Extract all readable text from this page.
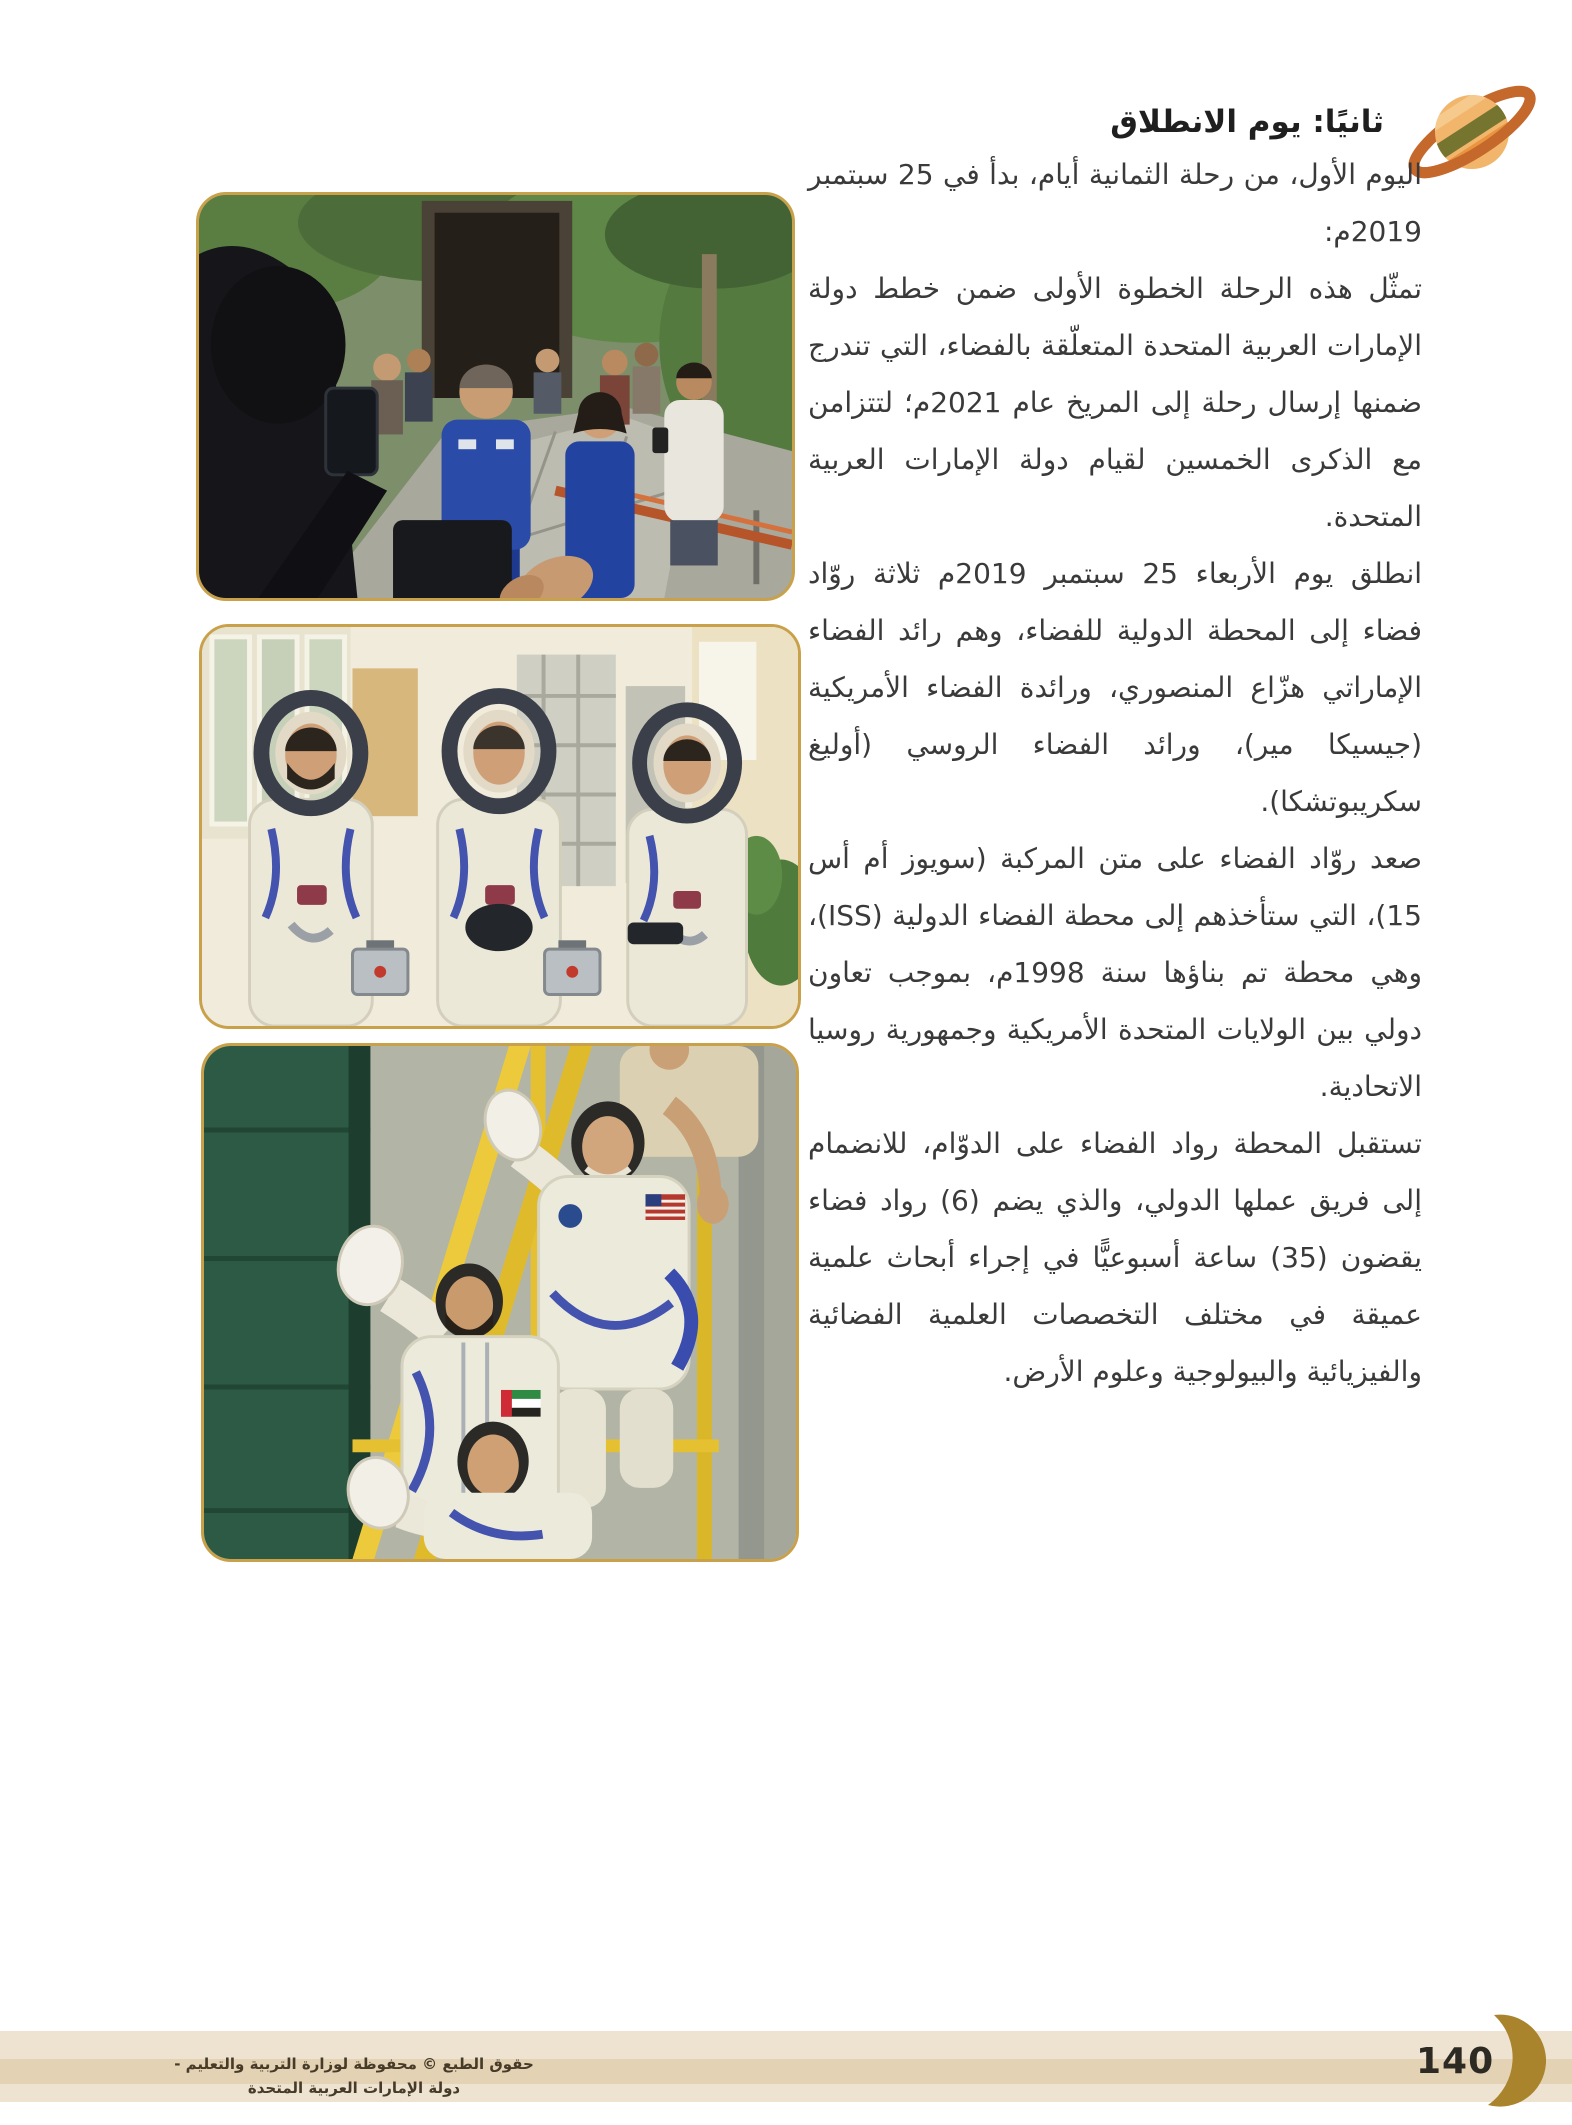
ثانيًا: يوم الانطلاق

اليوم الأول، من رحلة الثمانية أيام، بدأ في 25 سبتمبر 2019م:

تمثّل هذه الرحلة الخطوة الأولى ضمن خطط دولة الإمارات العربية المتحدة المتعلّقة بالفضاء، التي تندرج ضمنها إرسال رحلة إلى المريخ عام 2021م؛ لتتزامن مع الذكرى الخمسين لقيام دولة الإمارات العربية المتحدة.

انطلق يوم الأربعاء 25 سبتمبر 2019م ثلاثة روّاد فضاء إلى المحطة الدولية للفضاء، وهم رائد الفضاء الإماراتي هزّاع المنصوري، ورائدة الفضاء الأمريكية (جيسيكا مير)، ورائد الفضاء الروسي (أوليغ سكريبوتشكا).

صعد روّاد الفضاء على متن المركبة (سويوز أم أس 15)، التي ستأخذهم إلى محطة الفضاء الدولية (ISS)، وهي محطة تم بناؤها سنة 1998م، بموجب تعاون دولي بين الولايات المتحدة الأمريكية وجمهورية روسيا الاتحادية.

تستقبل المحطة رواد الفضاء على الدوّام، للانضمام إلى فريق عملها الدولي، والذي يضم (6) رواد فضاء يقضون (35) ساعة أسبوعيًّا في إجراء أبحاث علمية عميقة في مختلف التخصصات العلمية الفضائية والفيزيائية والبيولوجية وعلوم الأرض.

حقوق الطبع © محفوظة لوزارة التربية والتعليم - دولة الإمارات العربية المتحدة
140
